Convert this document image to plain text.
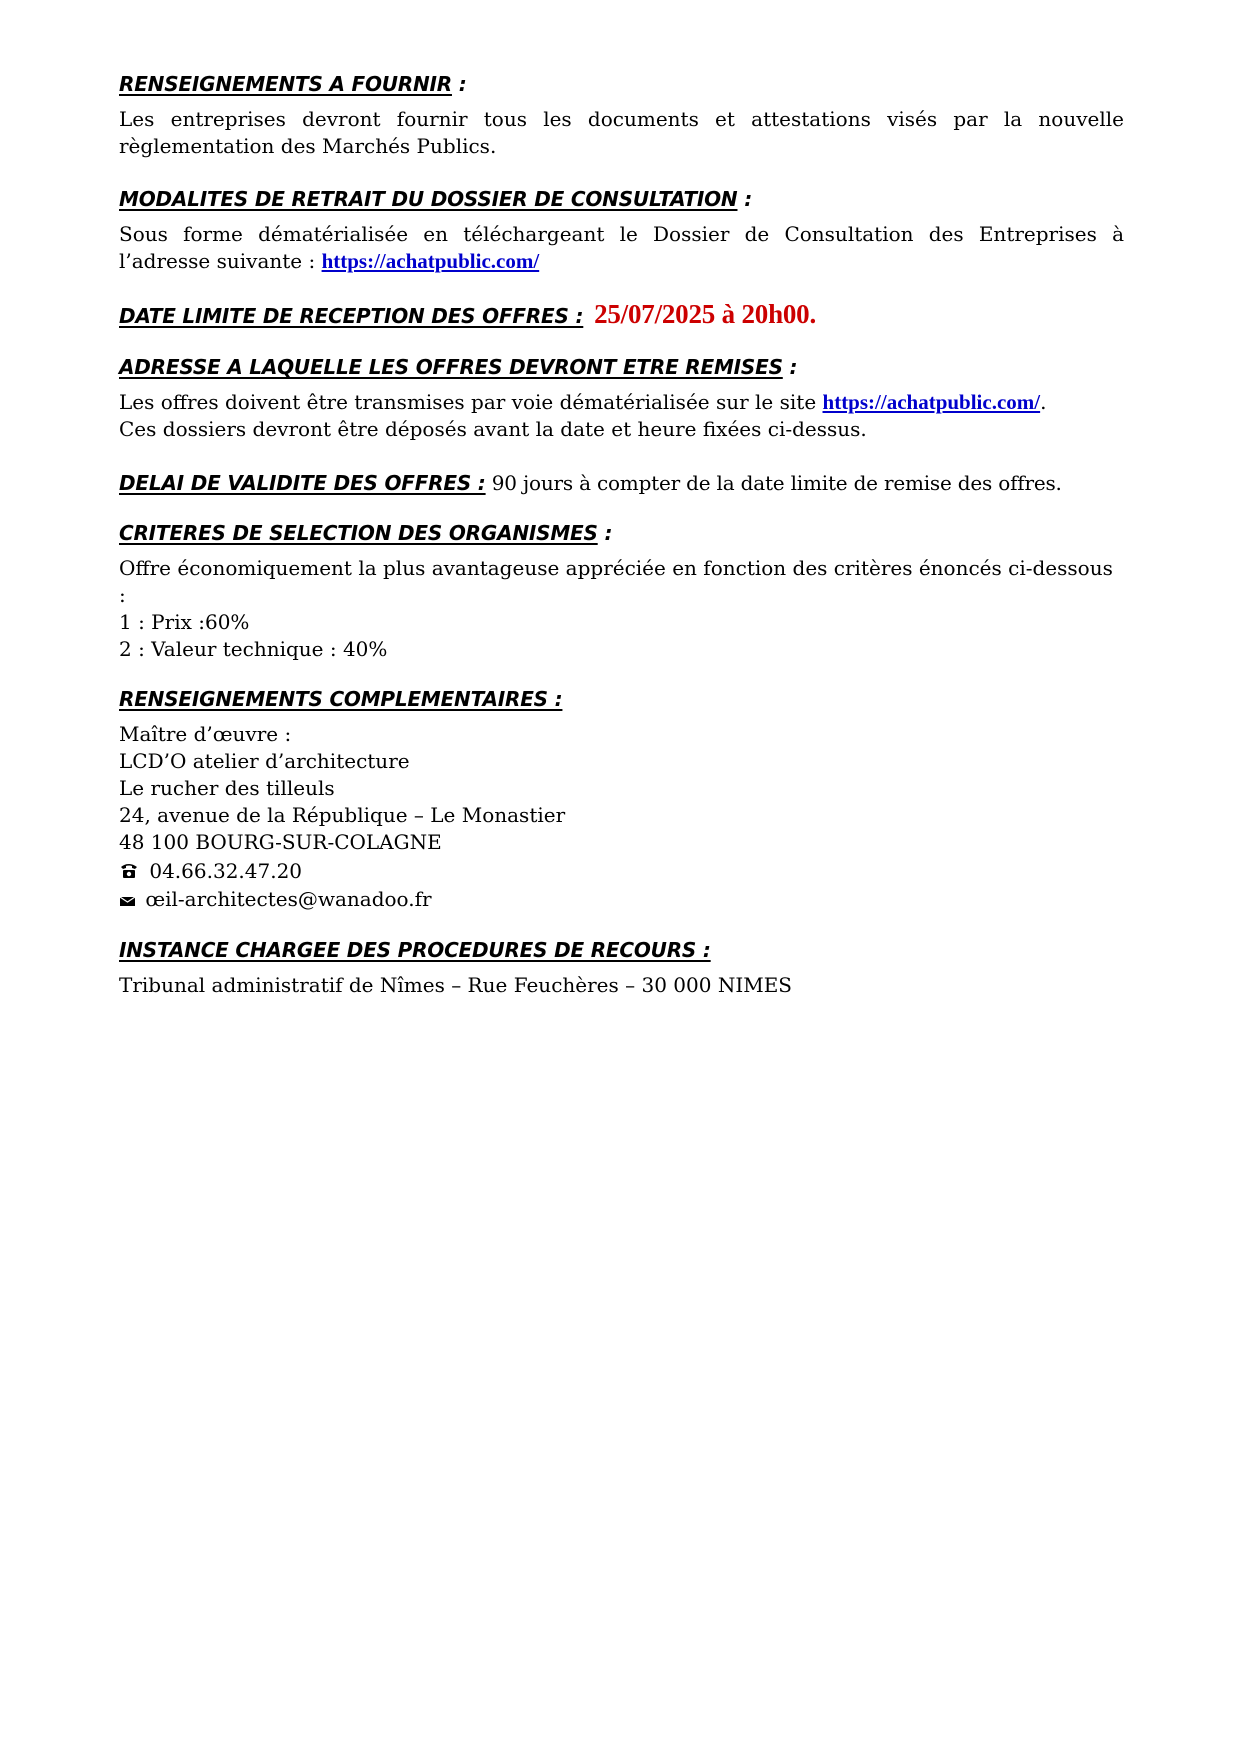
RENSEIGNEMENTS A FOURNIR :

Les entreprises devront fournir tous les documents et attestations visés par la nouvelle règlementation des Marchés Publics.

MODALITES DE RETRAIT DU DOSSIER DE CONSULTATION :

Sous forme dématérialisée en téléchargeant le Dossier de Consultation des Entreprises à l’adresse suivante : https://achatpublic.com/

DATE LIMITE DE RECEPTION DES OFFRES : 25/07/2025 à 20h00.

ADRESSE A LAQUELLE LES OFFRES DEVRONT ETRE REMISES :

Les offres doivent être transmises par voie dématérialisée sur le site https://achatpublic.com/.

Ces dossiers devront être déposés avant la date et heure fixées ci-dessus.

DELAI DE VALIDITE DES OFFRES : 90 jours à compter de la date limite de remise des offres.

CRITERES DE SELECTION DES ORGANISMES :

Offre économiquement la plus avantageuse appréciée en fonction des critères énoncés ci-dessous :

1 : Prix :60%

2 : Valeur technique : 40%

RENSEIGNEMENTS COMPLEMENTAIRES :

Maître d’œuvre :

LCD’O atelier d’architecture

Le rucher des tilleuls

24, avenue de la République – Le Monastier

48 100 BOURG-SUR-COLAGNE

04.66.32.47.20

œil-architectes@wanadoo.fr

INSTANCE CHARGEE DES PROCEDURES DE RECOURS :

Tribunal administratif de Nîmes – Rue Feuchères – 30 000 NIMES
